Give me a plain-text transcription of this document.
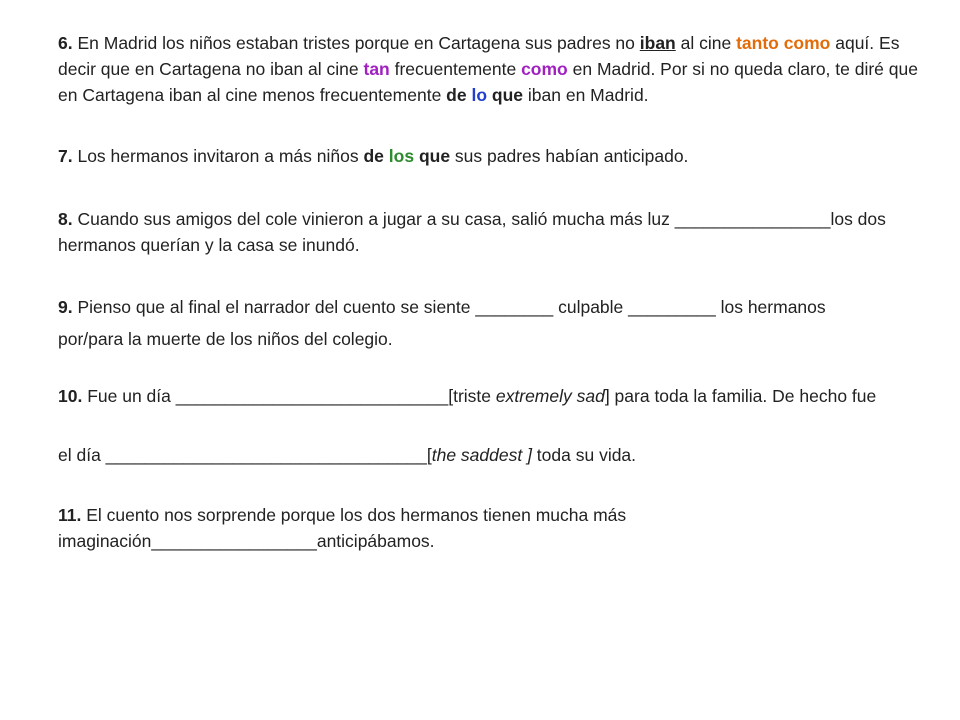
6. En Madrid los niños estaban tristes porque en Cartagena sus padres no iban al cine tanto como aquí. Es decir que en Cartagena no iban al cine tan frecuentemente como en Madrid. Por si no queda claro, te diré que en Cartagena iban al cine menos frecuentemente de lo que iban en Madrid.

7. Los hermanos invitaron a más niños de los que sus padres habían anticipado.

8. Cuando sus amigos del cole vinieron a jugar a su casa, salió mucha más luz ________________los dos hermanos querían y la casa se inundó.

9. Pienso que al final el narrador del cuento se siente ________ culpable _________ los hermanos
por/para la muerte de los niños del colegio.

10. Fue un día ____________________________[triste extremely sad] para toda la familia. De hecho fue

el día _________________________________[the saddest ] toda su vida.

11. El cuento nos sorprende porque los dos hermanos tienen mucha más imaginación_________________anticipábamos.
